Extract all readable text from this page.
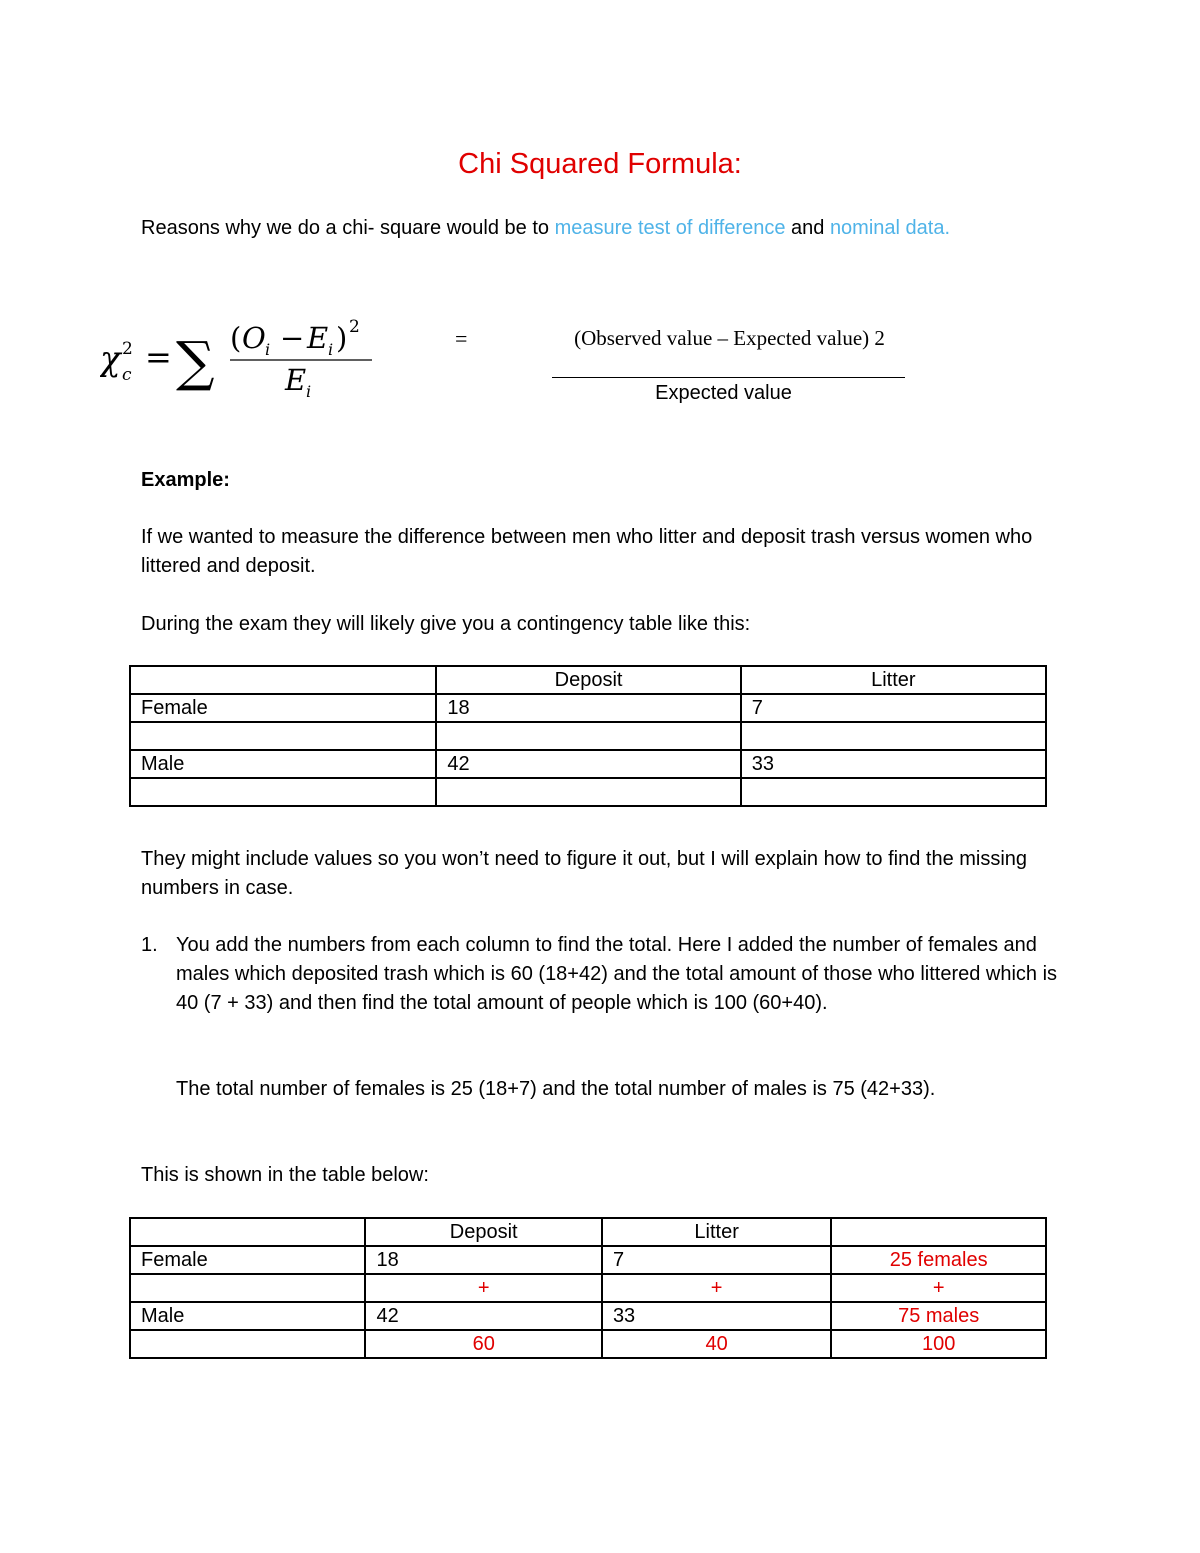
Chi Squared Formula:

Reasons why we do a chi- square would be to measure test of difference and nominal data.

χ 2
c = ∑ ( O i − E i ) 2
E i
=	(Observed value – Expected value) 2
Expected value

Example:

If we wanted to measure the difference between men who litter and deposit trash versus women who littered and deposit.

During the exam they will likely give you a contingency table like this:

	Deposit	Litter
Female	18	7

Male	42	33

They might include values so you won’t need to figure it out, but I will explain how to find the missing numbers in case.

1. You add the numbers from each column to find the total. Here I added the number of females and males which deposited trash which is 60 (18+42) and the total amount of those who littered which is 40 (7 + 33) and then find the total amount of people which is 100 (60+40).

The total number of females is 25 (18+7) and the total number of males is 75 (42+33).

This is shown in the table below:

	Deposit	Litter	
Female	18	7	25 females
	+	+	+
Male	42	33	75 males
	60	40	100
